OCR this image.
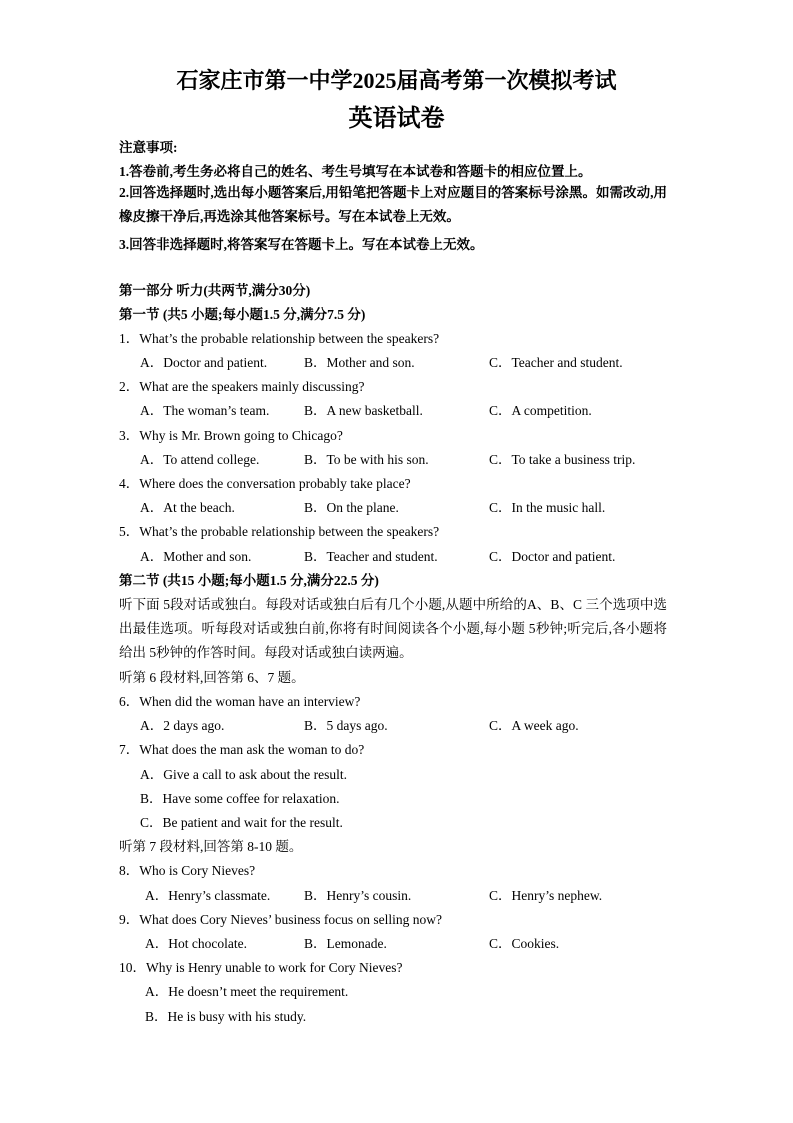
石家庄市第一中学2025届高考第一次模拟考试
英语试卷
注意事项:
1.答卷前,考生务必将自己的姓名、考生号填写在本试卷和答题卡的相应位置上。
2.回答选择题时,选出每小题答案后,用铅笔把答题卡上对应题目的答案标号涂黑。如需改动,用橡皮擦干净后,再选涂其他答案标号。写在本试卷上无效。
3.回答非选择题时,将答案写在答题卡上。写在本试卷上无效。
第一部分 听力(共两节,满分30分)
第一节 (共5 小题;每小题1.5 分,满分7.5 分)
1．What’s the probable relationship between the speakers?
A．Doctor and patient.	B．Mother and son.	C．Teacher and student.
2．What are the speakers mainly discussing?
A．The woman’s team.	B．A new basketball.	C．A competition.
3．Why is Mr. Brown going to Chicago?
A．To attend college.	B．To be with his son.	C．To take a business trip.
4．Where does the conversation probably take place?
A．At the beach.	B．On the plane.	C．In the music hall.
5．What’s the probable relationship between the speakers?
A．Mother and son.	B．Teacher and student.	C．Doctor and patient.
第二节 (共15 小题;每小题1.5 分,满分22.5 分)
听下面 5段对话或独白。每段对话或独白后有几个小题,从题中所给的A、B、C 三个选项中选出最佳选项。听每段对话或独白前,你将有时间阅读各个小题,每小题 5秒钟;听完后,各小题将给出 5秒钟的作答时间。每段对话或独白读两遍。
听第 6 段材料,回答第 6、7 题。
6．When did the woman have an interview?
A．2 days ago.	B．5 days ago.	C．A week ago.
7．What does the man ask the woman to do?
A．Give a call to ask about the result.
B．Have some coffee for relaxation.
C．Be patient and wait for the result.
听第 7 段材料,回答第 8-10 题。
8．Who is Cory Nieves?
A．Henry’s classmate.	B．Henry’s cousin.	C．Henry’s nephew.
9．What does Cory Nieves’ business focus on selling now?
A．Hot chocolate.	B．Lemonade.	C．Cookies.
10．Why is Henry unable to work for Cory Nieves?
A．He doesn’t meet the requirement.
B．He is busy with his study.
